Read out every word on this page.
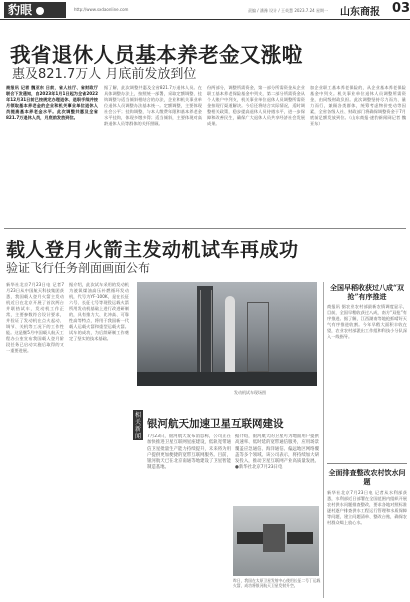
豹眼	http://www.sxdaonline.com	责编 / 潘豫 设计 / 王英慧 2023.7.24 星期一 山东商报 03
我省退休人员基本养老金又涨啦
惠及821.7万人 月底前发放到位
商报讯 记者 魏亚东 日前，省人社厅、省财政厅联合下发通知，自2023年1月1日起为全省2022年12月31日前已按规定办理退休、退职手续并按月领取基本养老金的企业和机关事业单位退休人员提高基本养老金水平。此次调整共惠及全省821.7万退休人员，月底前发放到位。
据了解，此次调整共惠及全省821.7万退休人员。在具体调整办法上，按照统一部署，采取定额调整、挂钩调整与适当倾斜相结合的办法，企业和机关事业单位退休人员调整办法基本统一。定额调整，主要体现社会公平；挂钩调整，与本人缴费年限和基本养老金水平挂钩，体现多缴多得；适当倾斜，主要体现对高龄退休人员等群体的关怀照顾。
份两部分，调整所需资金，第一部分所需资金从企业职工基本养老保险基金中列支，第二部分所需资金从个人账户中列支，机关事业单位退休人员调整所需资金按现行渠道解决。今后还将结合实际情况，适时调整相关政策，稳步提高退休人员待遇水平，进一步保障和改善民生，确保广大退休人员共享经济社会发展成果。
加企业职工基本养老保险的，从企业基本养老保险基金中列支。机关事业单位退休人员调整所需资金，由同级财政负担。此次调整坚持尽力而为、量力而行，兼顾各类群体，统筹考虑物价变动等因素，全省各级人社、财政部门将确保调整资金于7月底前足额发放到位。（山东商报·速豹新闻网记者 魏亚东）
载人登月火箭主发动机试车再成功
验证飞行任务剖面画面公布
新华社北京7月23日电 记者7月23日从中国航天科技集团获悉，我国载人登月火箭主发动机近日在北京开展了首次两台并联热试车，发动机工作正常，主要参数符合设计要求，并验证了发动机在点火起动、调节、关机等工况下的工作性能。这是继5月中国载人航天工程办公室宣布我国载人登月阶段任务已启动实施后取得的又一重要进展。
据介绍，此次试车采用的发动机为液氧煤油高压补燃循环发动机，代号为YF-100K，是在长征六号、长征七号等现役运载火箭所用发动机基础上进行改进研制的，具有推力大、比冲高、可靠性高等特点，将用于我国新一代载人运载火箭和重型运载火箭。试车的成功，为后续研制工作奠定了坚实的技术基础。
发动机试车现场图
相关新闻
银河航天加速卫星互联网建设
7月23日，银河航天发布消息称，公司正在加快推进卫星互联网星座建设，低轨宽带通信卫星批量生产能力持续提升，未来将为用户提供更加便捷的宽带互联网服务。目前，银河航天已在北京南通等地建设了卫星智能制造基地。
据介绍，银河航天的卫星可为地面用户提供高速率、低时延的宽带通信服务，应用场景覆盖应急通信、海洋通信、偏远地区网络覆盖等多个领域。该公司表示，将持续加大研发投入，推动卫星互联网产业高质量发展。 ●新华社北京7月23日电
昨日，我国在太原卫星发射中心使用长征二号丁运载火箭，成功将银河航天卫星发射升空。
全国早稻收获过八成“双抢”有序推进
商报讯 据农业农村部最新农情调度显示，目前，全国早稻收获过八成，南方“双抢”有序推进。据了解，江西湖南等地抢抓晴好天气有序推进收割。今年早稻大面积丰收在望，农业农村部派出工作组和科技小分队深入一线指导。
全面排查整改农村饮水问题
新华社北京7月23日电 记者从水利部获悉，水利部近日部署在全国范围内组织开展农村供水问题排查整改，要求各地对照标准逐村逐户排查供水工程运行管理和水质保障等问题，建立问题清单、整改台账，确保农村群众喝上放心水。
